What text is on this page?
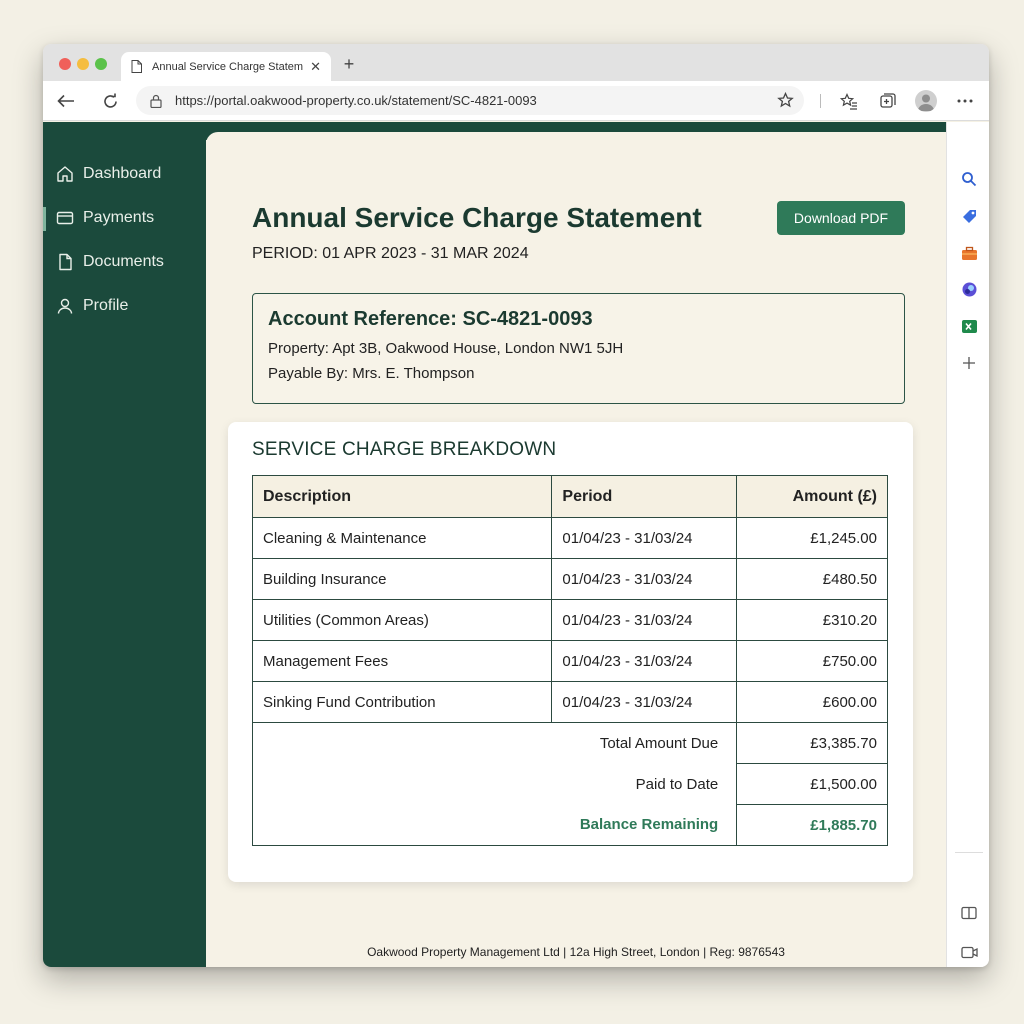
Annual Service Charge Statem ✕ +
https://portal.oakwood-property.co.uk/statement/SC-4821-0093
Dashboard
Payments
Documents
Profile
Annual Service Charge Statement
PERIOD: 01 APR 2023 - 31 MAR 2024
Download PDF
Account Reference: SC-4821-0093
Property: Apt 3B, Oakwood House, London NW1 5JH
Payable By: Mrs. E. Thompson
SERVICE CHARGE BREAKDOWN
Description	Period	Amount (£)
Cleaning & Maintenance	01/04/23 - 31/03/24	£1,245.00
Building Insurance	01/04/23 - 31/03/24	£480.50
Utilities (Common Areas)	01/04/23 - 31/03/24	£310.20
Management Fees	01/04/23 - 31/03/24	£750.00
Sinking Fund Contribution	01/04/23 - 31/03/24	£600.00
Total Amount Due		£3,385.70
Paid to Date		£1,500.00
Balance Remaining		£1,885.70
Oakwood Property Management Ltd | 12a High Street, London | Reg: 9876543
